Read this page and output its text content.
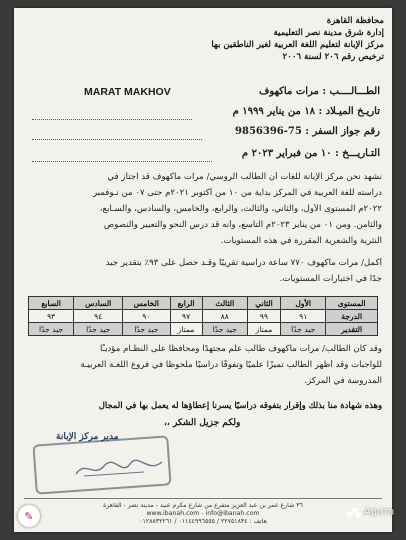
محافظة القاهرة
إدارة شرق مدينة نصر التعليمية
مركز الإبانة لتعليم اللغة العربية لغير الناطقين بها
ترخيص رقم ٢٠٦ لسنة ٢٠٠٦
الطـــالــــب : مرات ماكهوف
MARAT MAKHOV
تاريـخ الميـلاد : ١٨ من يناير ١٩٩٩ م
رقم جواز السفر : 75-9856396
التـاريـــخ : ١٠ من فبراير ٢٠٢٣ م
نشهد نحن مركز الإبانة للغات أن الطالب الروسي/ مرات ماكهوف قد اجتاز في
دراسته للغة العربية في المركز بداية من ١٠ من أكتوبر ٢٠٢١م حتى ٠٧ من نـوفمبر
٢٠٢٢م المستوى الأول، والثاني، والثالث، والرابع، والخامس، والسادس، والسـابع،
والثامن. ومن ٠١ من يناير ٢٠٢٣م التاسع، وأنه قد درس النحو والتعبير والنصوص
النثرية والشعرية المقررة في هذه المستويات.
أكمل/ مرات ماكهوف ٧٧٠ ساعة دراسية تقريبًا وقـد حصل على ٩٣٪ بتقدير جيد
جدًا في اختبارات المستويات.
المستوى	الأول	الثاني	الثالث	الرابع	الخامس	السادس	السابع
الدرجة	٩١	٩٩	٨٨	٩٧	٩٠	٩٤	٩٣
التقدير	جيد جدًا	ممتاز	جيد جدًا	ممتاز	جيد جدًا	جيد جدًا	جيد جدًا
وقد كان الطالب/ مرات ماكهوف طالب علم مجتهدًا ومحافظًا على النظـام مؤديـًا
للواجبات وقد أظهر الطالب تميزًا علميًا وتفوقًا دراسيًا ملحوظًا في فروع اللغـة العربيـة
المدروسة في المركز.
وهذه شهادة منا بذلك وإقرار بتفوقه دراسيًا يسرنا إعطاؤها له يعمل بها في المجال
ولكم جزيل الشكر ،،
مدير مركز الإبانة
٣٦ شارع عمر بن عبد العزيز متفرع من شارع مكرم عبيد - مدينة نصر - القاهرة
www.ibanah.com - info@ibanah.com
هاتف : ٢٢٧٥١٨٣٤ / ٠١١٤٤٩٩٦٥٥٥ / ٠١٢٨٨٣٢٢٦١
✎	Авито
